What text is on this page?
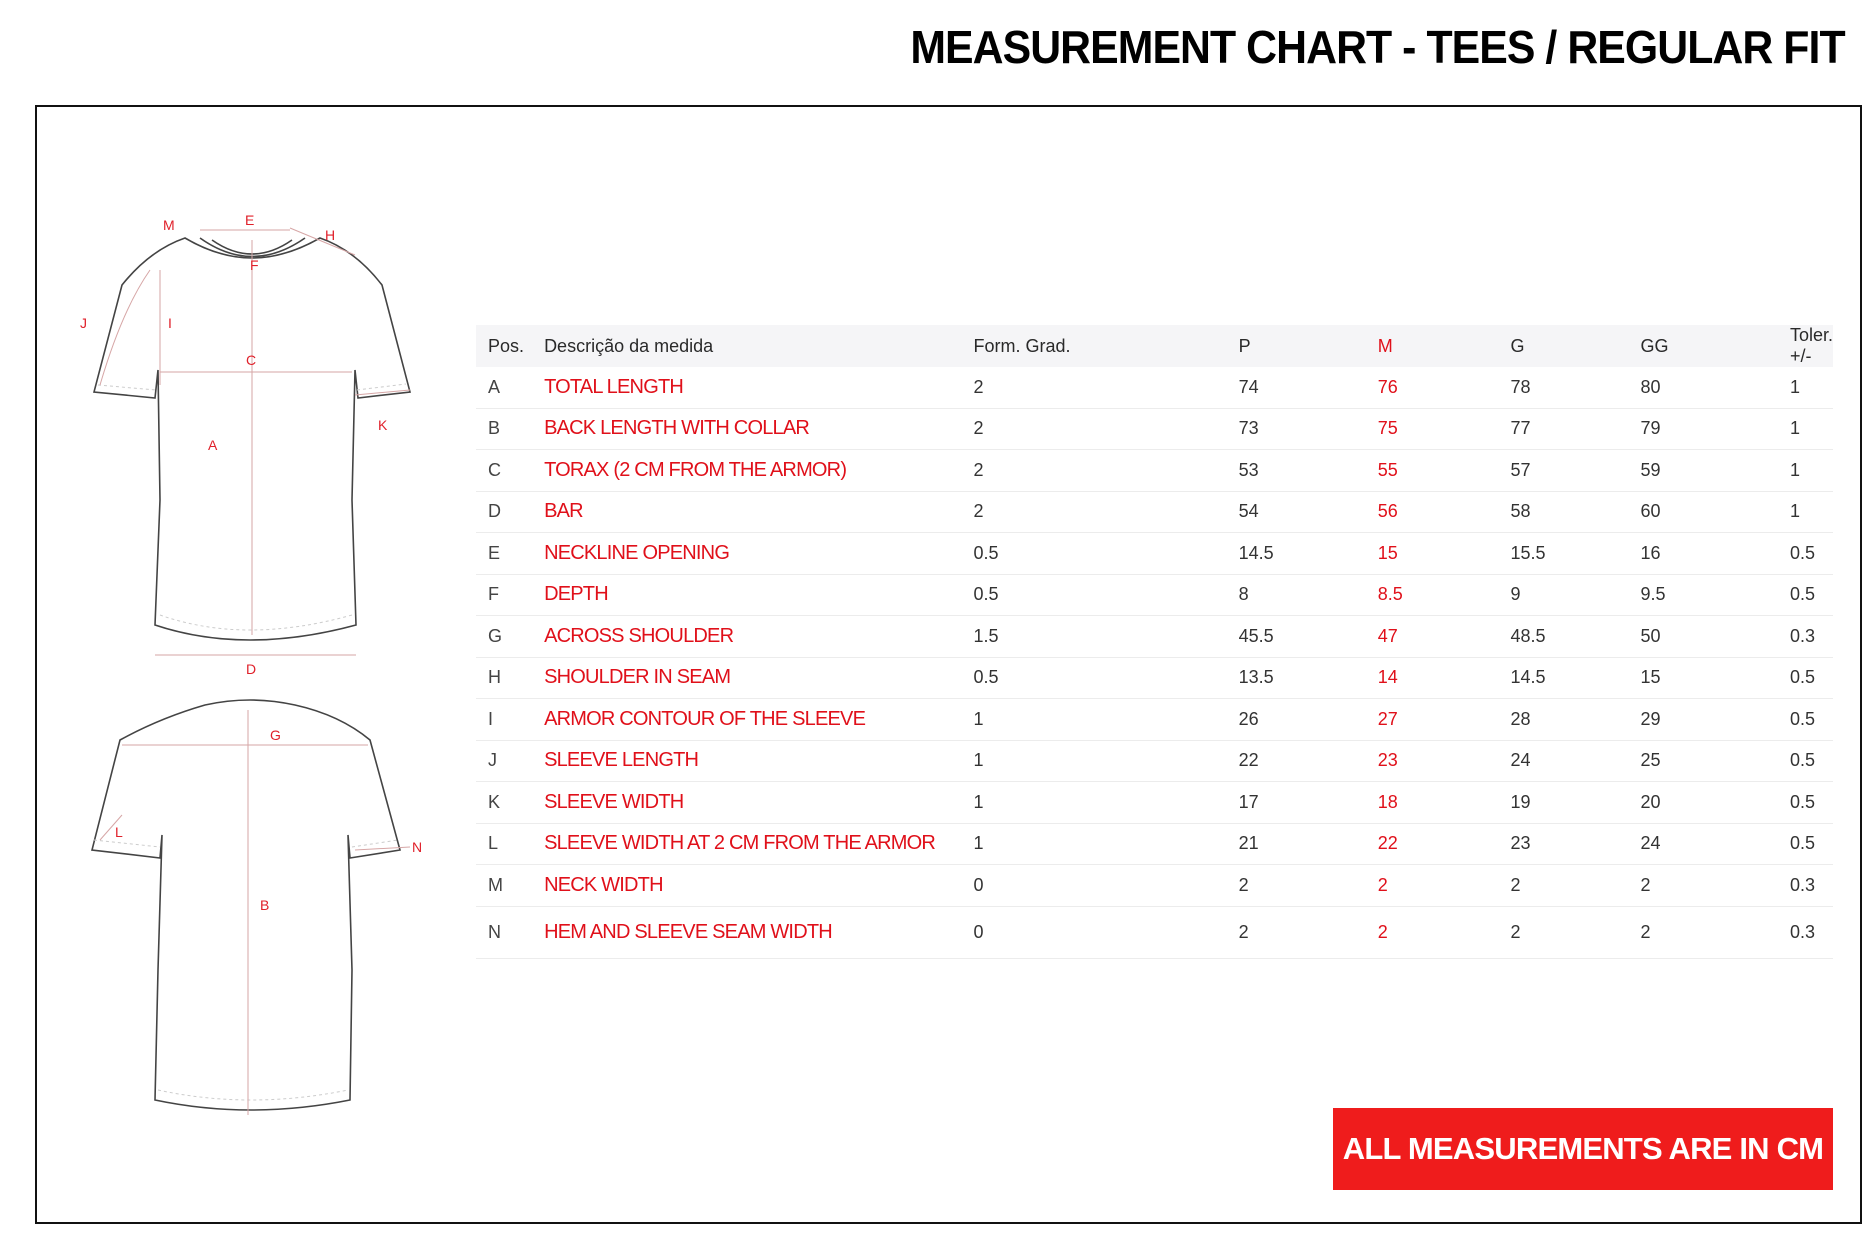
MEASUREMENT CHART - TEES / REGULAR FIT
M	E
F
H
J	I
C
A
K
D
G
L
N
B
Pos.	Descrição da medida	Form. Grad.	P	M	G	GG	Toler. +/-
A	TOTAL LENGTH	2	74	76	78	80	1
B	BACK LENGTH WITH COLLAR	2	73	75	77	79	1
C	TORAX (2 CM FROM THE ARMOR)	2	53	55	57	59	1
D	BAR	2	54	56	58	60	1
E	NECKLINE OPENING	0.5	14.5	15	15.5	16	0.5
F	DEPTH	0.5	8	8.5	9	9.5	0.5
G	ACROSS SHOULDER	1.5	45.5	47	48.5	50	0.3
H	SHOULDER IN SEAM	0.5	13.5	14	14.5	15	0.5
I	ARMOR CONTOUR OF THE SLEEVE	1	26	27	28	29	0.5
J	SLEEVE LENGTH	1	22	23	24	25	0.5
K	SLEEVE WIDTH	1	17	18	19	20	0.5
L	SLEEVE WIDTH AT 2 CM FROM THE ARMOR	1	21	22	23	24	0.5
M	NECK WIDTH	0	2	2	2	2	0.3
N	HEM AND SLEEVE SEAM WIDTH	0	2	2	2	2	0.3
ALL MEASUREMENTS ARE IN CM
